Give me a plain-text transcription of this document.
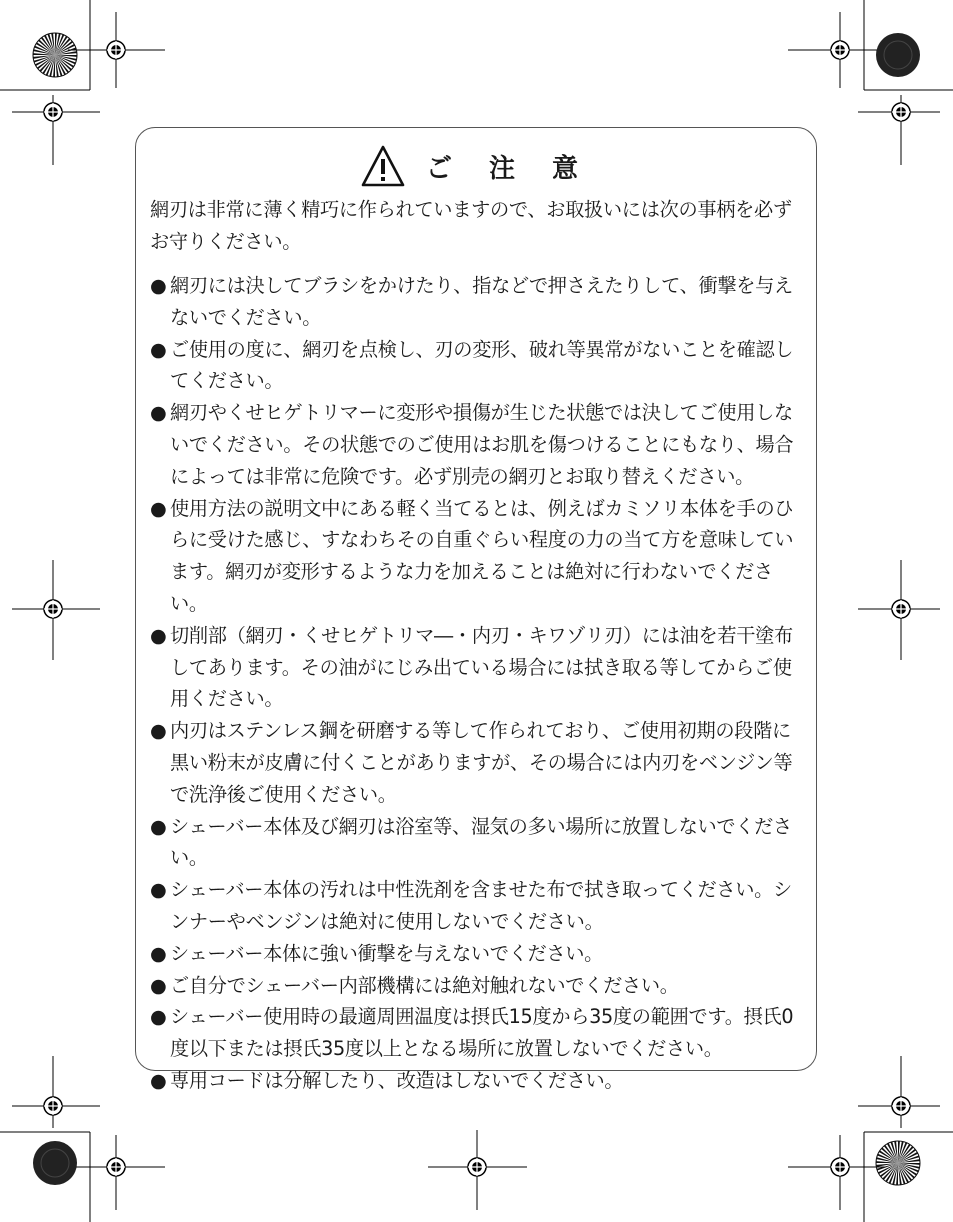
ご 注 意
網刃は非常に薄く精巧に作られていますので、お取扱いには次の事柄を必ずお守りください。
● 網刃には決してブラシをかけたり、指などで押さえたりして、衝撃を与えないでください。
● ご使用の度に、網刃を点検し、刃の変形、破れ等異常がないことを確認してください。
● 網刃やくせヒゲトリマーに変形や損傷が生じた状態では決してご使用しないでください。その状態でのご使用はお肌を傷つけることにもなり、場合によっては非常に危険です。必ず別売の網刃とお取り替えください。
● 使用方法の説明文中にある軽く当てるとは、例えばカミソリ本体を手のひらに受けた感じ、すなわちその自重ぐらい程度の力の当て方を意味しています。網刃が変形するような力を加えることは絶対に行わないでください。
● 切削部（網刃・くせヒゲトリマ―・内刃・キワゾリ刃）には油を若干塗布してあります。その油がにじみ出ている場合には拭き取る等してからご使用ください。
● 内刃はステンレス鋼を研磨する等して作られており、ご使用初期の段階に黒い粉末が皮膚に付くことがありますが、その場合には内刃をベンジン等で洗浄後ご使用ください。
● シェーバー本体及び網刃は浴室等、湿気の多い場所に放置しないでください。
● シェーバー本体の汚れは中性洗剤を含ませた布で拭き取ってください。シンナーやベンジンは絶対に使用しないでください。
● シェーバー本体に強い衝撃を与えないでください。
● ご自分でシェーバー内部機構には絶対触れないでください。
● シェーバー使用時の最適周囲温度は摂氏15度から35度の範囲です。摂氏0度以下または摂氏35度以上となる場所に放置しないでください。
● 専用コードは分解したり、改造はしないでください。
